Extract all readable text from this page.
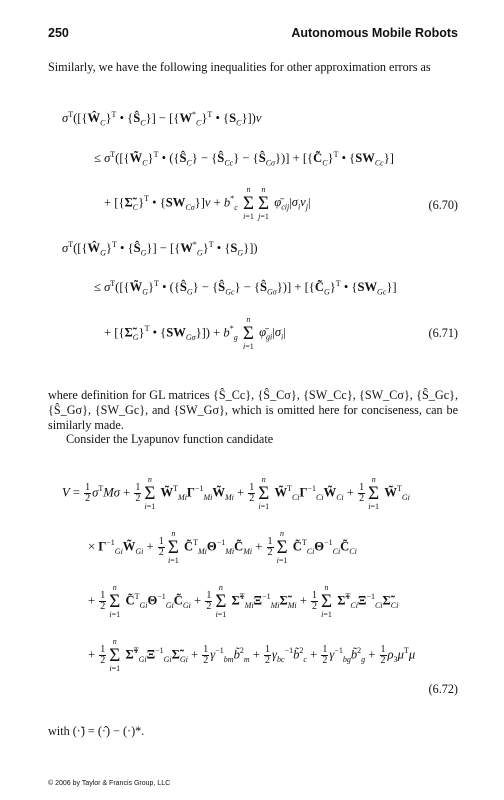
250	Autonomous Mobile Robots
Similarly, we have the following inequalities for other approximation errors as
$\sigma^T([\{Ŵ_C\}^T$ • $\{Ŝ_C\}] - [\{W^*_C\}^T$ • $\{S_C\}])\nu$
≤ $\sigma^T([\{W̃_C\}^T$ • ($\{Ŝ_C\}$ − $\{Ŝ_{Cc}\}$ − $\{Ŝ_{C\sigma}\}$)] + [$\{C̃_C\}^T$ • $\{SW_{Cc}\}$]
+ [$\{\Sigmã_C\}^T$ • $\{SW_{C\sigma}\}]\nu + b^*_c$ n
Σ
i=1n
Σ
j=1 $\varphī_{cij}|\sigma_i\nu_j|$	(6.70)
$\sigma^T([\{Ŵ_G\}^T$ • $\{Ŝ_G\}] - [\{W^*_G\}^T$ • $\{S_G\}$])
≤ $\sigma^T([\{W̃_G\}^T$ • ($\{Ŝ_G\}$ − $\{Ŝ_{Gc}\}$ − $\{Ŝ_{G\sigma}\}$)] + [$\{C̃_G\}^T$ • $\{SW_{Gc}\}$]
+ [$\{\Sigmã_G\}^T$ • $\{SW_{G\sigma}\}]) + b^*_g$ n
Σ
i=1 $\varphī_{gi}|\sigma_i|$	(6.71)
where definition for GL matrices {Ŝ_Cc}, {Ŝ_Cσ}, {SW_Cc}, {SW_Cσ}, {Ŝ_Gc}, {Ŝ_Gσ}, {SW_Gc}, and {SW_Gσ}, which is omitted here for conciseness, can be similarly made.
Consider the Lyapunov function candidate
$V = \frac{1}{2} \sigma^TM\sigma + \frac{1}{2}$
n
Σ
i=1 $W̃^T_{Mi}\Gamma^{-1}_{Mi}W̃_{Mi} + \frac{1}{2}$
n
Σ
i=1 $W̃^T_{Ci}\Gamma^{-1}_{Ci}W̃_{Ci} + \frac{1}{2}$
n
Σ
i=1 W̃$^T_{Gi}$
× $\Gamma^{-1}_{Gi}W̃_{Gi} + \frac{1}{2}$
n
Σ
i=1 $C̃^T_{Mi}\Theta^{-1}_{Mi}C̃_{Mi} + \frac{1}{2}$
n
Σ
i=1 $C̃^T_{Ci}\Theta^{-1}_{Ci}C̃_{Ci}$
+ $\frac{1}{2}$
n
Σ
i=1 $C̃^T_{Gi}\Theta^{-1}_{Gi}C̃_{Gi} + \frac{1}{2}$
n
Σ
i=1 $\Sigmã^T_{Mi}\Xi^{-1}_{Mi}\Sigmã_{Mi} + \frac{1}{2}$
n
Σ
i=1 $\Sigmã^T_{Ci}\Xi^{-1}_{Ci}\Sigmã_{Ci}$
+ $\frac{1}{2}$
n
Σ
i=1 $\Sigmã^T_{Gi}\Xi^{-1}_{Gi}\Sigmã_{Gi} + \frac{1}{2}$ $\gamma^{-1}_{bm}b̃^2_m + \frac{1}{2}$ $\gamma_{bc}^{-1}b̃^2_c + \frac{1}{2}$ $\gamma^{-1}_{bg}b̃^2_g + \frac{1}{2} \rho_3\mu^T\mu$
(6.72)
with (·̃) = (·̂) − (·)*.
© 2006 by Taylor & Francis Group, LLC
